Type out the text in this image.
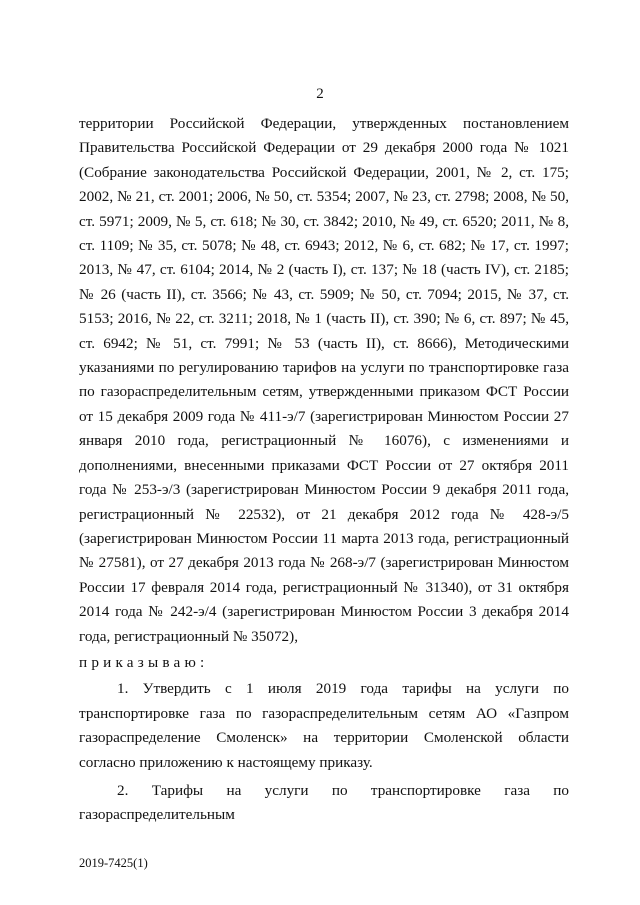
2

территории Российской Федерации, утвержденных постановлением Правительства Российской Федерации от 29 декабря 2000 года № 1021 (Собрание законодательства Российской Федерации, 2001, № 2, ст. 175; 2002, № 21, ст. 2001; 2006, № 50, ст. 5354; 2007, № 23, ст. 2798; 2008, № 50, ст. 5971; 2009, № 5, ст. 618; № 30, ст. 3842; 2010, № 49, ст. 6520; 2011, № 8, ст. 1109; № 35, ст. 5078; № 48, ст. 6943; 2012, № 6, ст. 682; № 17, ст. 1997; 2013, № 47, ст. 6104; 2014, № 2 (часть I), ст. 137; № 18 (часть IV), ст. 2185; № 26 (часть II), ст. 3566; № 43, ст. 5909; № 50, ст. 7094; 2015, № 37, ст. 5153; 2016, № 22, ст. 3211; 2018, № 1 (часть II), ст. 390; № 6, ст. 897; № 45, ст. 6942; № 51, ст. 7991; № 53 (часть II), ст. 8666), Методическими указаниями по регулированию тарифов на услуги по транспортировке газа по газораспределительным сетям, утвержденными приказом ФСТ России от 15 декабря 2009 года № 411-э/7 (зарегистрирован Минюстом России 27 января 2010 года, регистрационный № 16076), с изменениями и дополнениями, внесенными приказами ФСТ России от 27 октября 2011 года № 253-э/3 (зарегистрирован Минюстом России 9 декабря 2011 года, регистрационный № 22532), от 21 декабря 2012 года № 428-э/5 (зарегистрирован Минюстом России 11 марта 2013 года, регистрационный № 27581), от 27 декабря 2013 года № 268-э/7 (зарегистрирован Минюстом России 17 февраля 2014 года, регистрационный № 31340), от 31 октября 2014 года № 242-э/4 (зарегистрирован Минюстом России 3 декабря 2014 года, регистрационный № 35072),

приказываю:

1. Утвердить с 1 июля 2019 года тарифы на услуги по транспортировке газа по газораспределительным сетям АО «Газпром газораспределение Смоленск» на территории Смоленской области согласно приложению к настоящему приказу.

2. Тарифы на услуги по транспортировке газа по газораспределительным

2019-7425(1)
